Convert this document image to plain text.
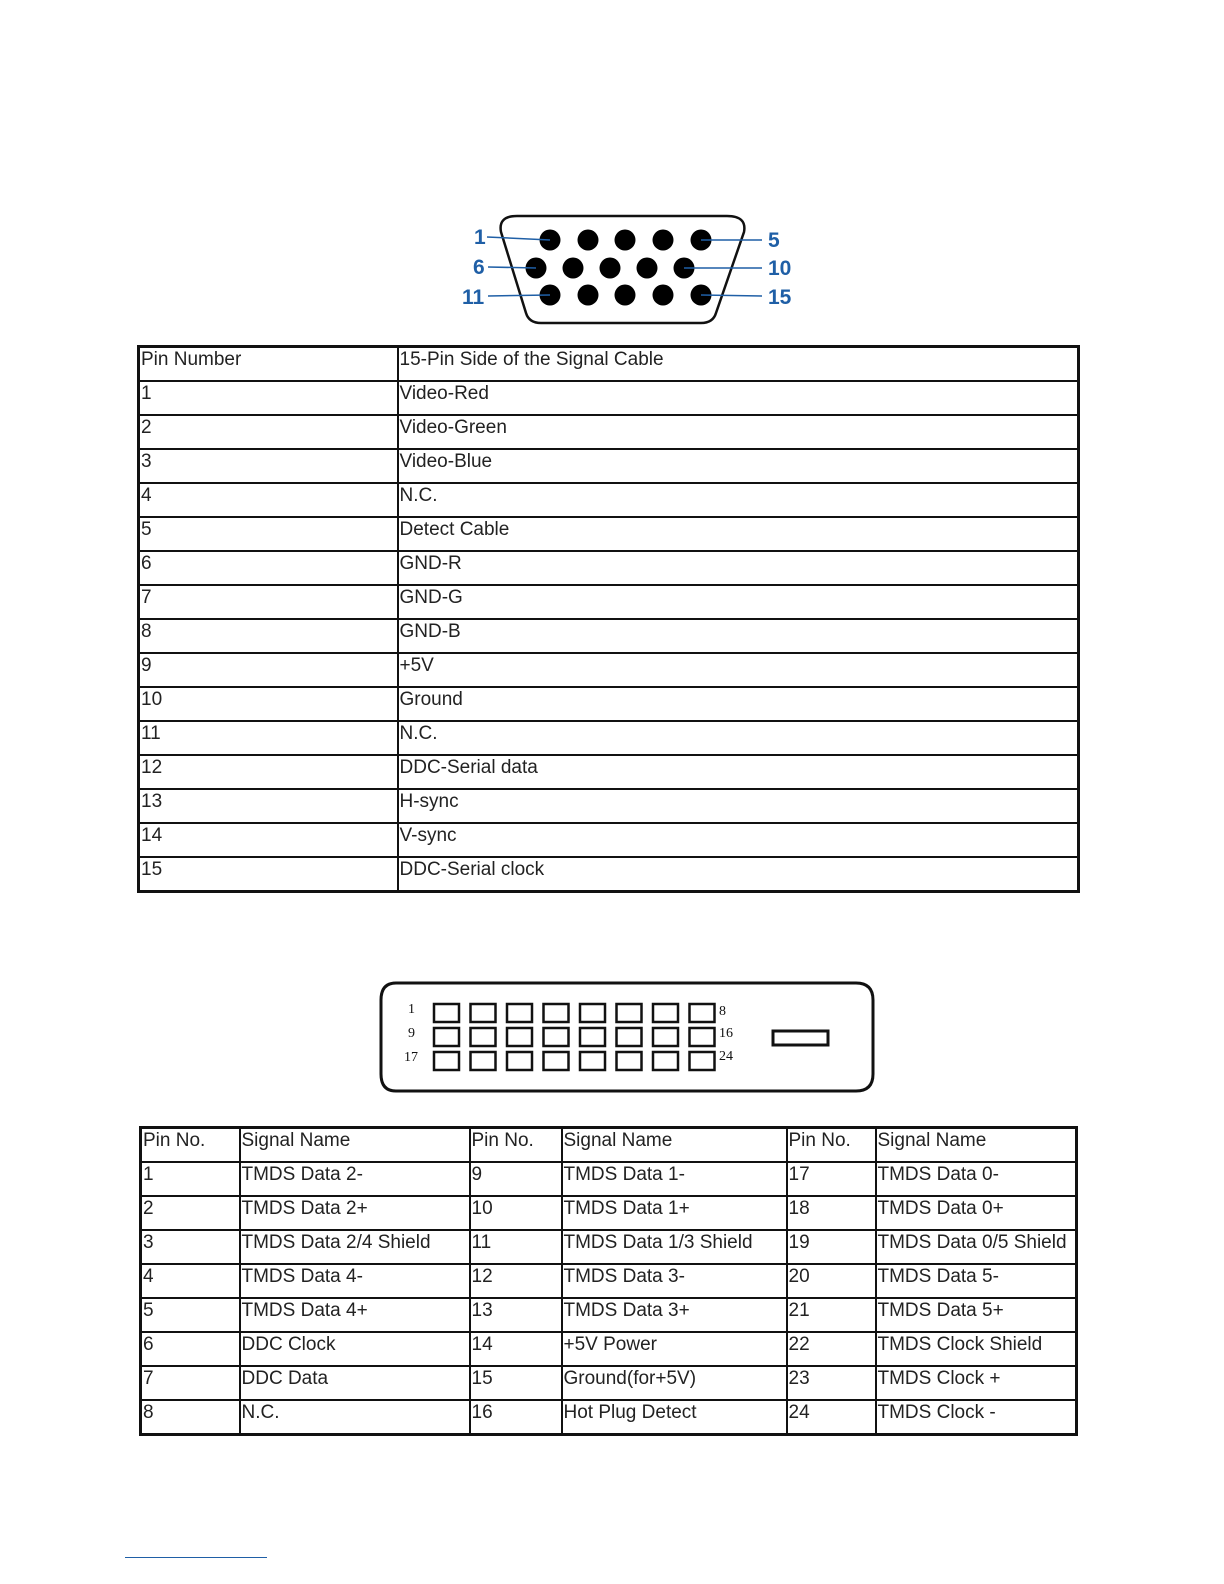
1
6
11
5
10
15
Pin Number	15-Pin Side of the Signal Cable
1	Video-Red
2	Video-Green
3	Video-Blue
4	N.C.
5	Detect Cable
6	GND-R
7	GND-G
8	GND-B
9	+5V
10	Ground
11	N.C.
12	DDC-Serial data
13	H-sync
14	V-sync
15	DDC-Serial clock
1
9
17
8
16
24
Pin No.	Signal Name	Pin No.	Signal Name	Pin No.	Signal Name
1	TMDS Data 2-	9	TMDS Data 1-	17	TMDS Data 0-
2	TMDS Data 2+	10	TMDS Data 1+	18	TMDS Data 0+
3	TMDS Data 2/4 Shield	11	TMDS Data 1/3 Shield	19	TMDS Data 0/5 Shield
4	TMDS Data 4-	12	TMDS Data 3-	20	TMDS Data 5-
5	TMDS Data 4+	13	TMDS Data 3+	21	TMDS Data 5+
6	DDC Clock	14	+5V Power	22	TMDS Clock Shield
7	DDC Data	15	Ground(for+5V)	23	TMDS Clock +
8	N.C.	16	Hot Plug Detect	24	TMDS Clock -
